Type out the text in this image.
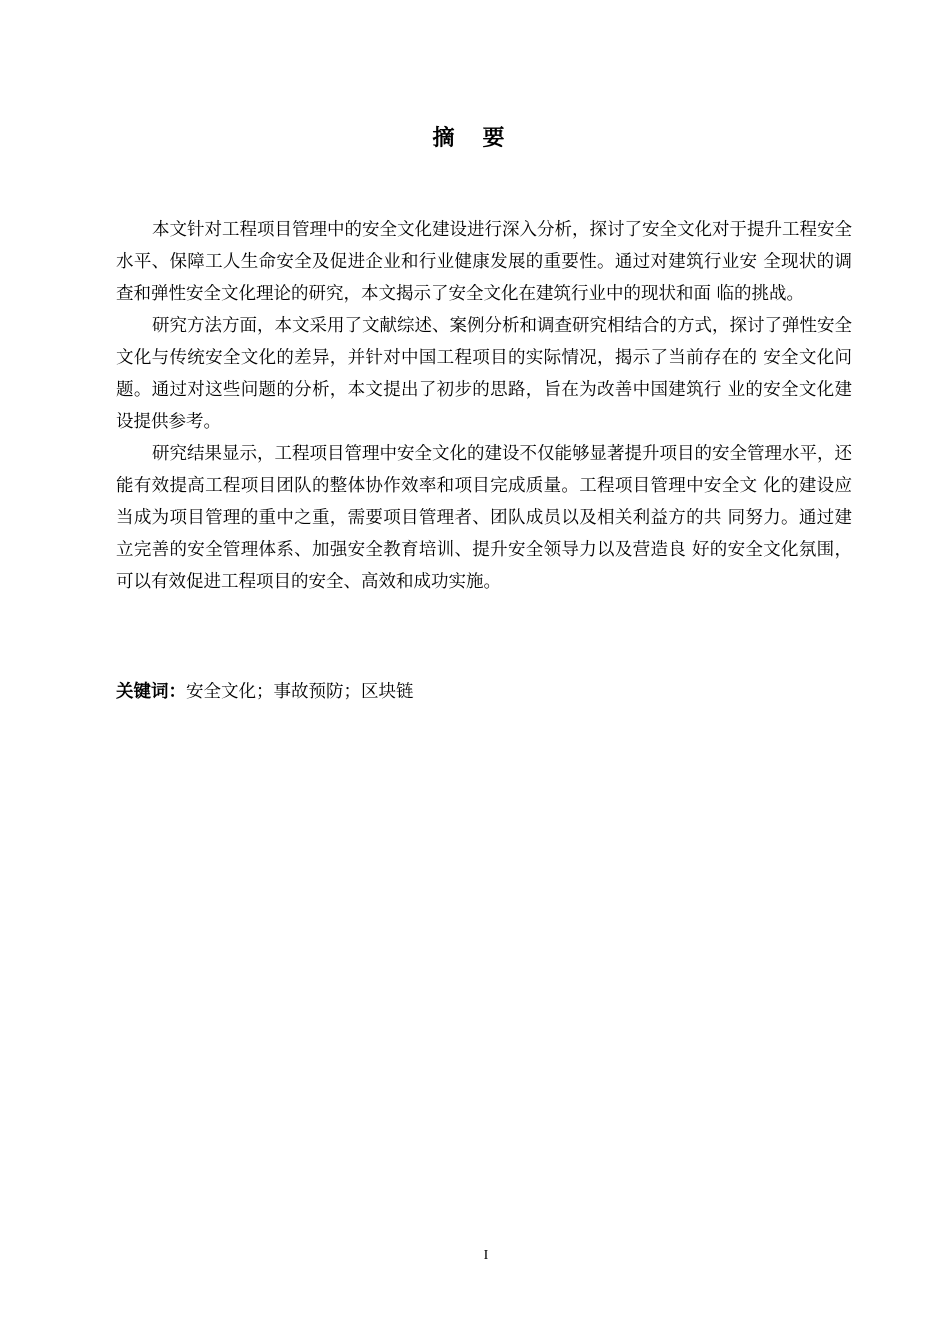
摘要

本文针对工程项目管理中的安全文化建设进行深入分析，探讨了安全文化对于提升工程安全水平、保障工人生命安全及促进企业和行业健康发展的重要性。通过对建筑行业安 全现状的调查和弹性安全文化理论的研究，本文揭示了安全文化在建筑行业中的现状和面 临的挑战。

研究方法方面，本文采用了文献综述、案例分析和调查研究相结合的方式，探讨了弹性安全文化与传统安全文化的差异，并针对中国工程项目的实际情况，揭示了当前存在的 安全文化问题。通过对这些问题的分析，本文提出了初步的思路，旨在为改善中国建筑行 业的安全文化建设提供参考。

研究结果显示，工程项目管理中安全文化的建设不仅能够显著提升项目的安全管理水平，还能有效提高工程项目团队的整体协作效率和项目完成质量。工程项目管理中安全文 化的建设应当成为项目管理的重中之重，需要项目管理者、团队成员以及相关利益方的共 同努力。通过建立完善的安全管理体系、加强安全教育培训、提升安全领导力以及营造良 好的安全文化氛围，可以有效促进工程项目的安全、高效和成功实施。

关键词：安全文化；事故预防；区块链

I
